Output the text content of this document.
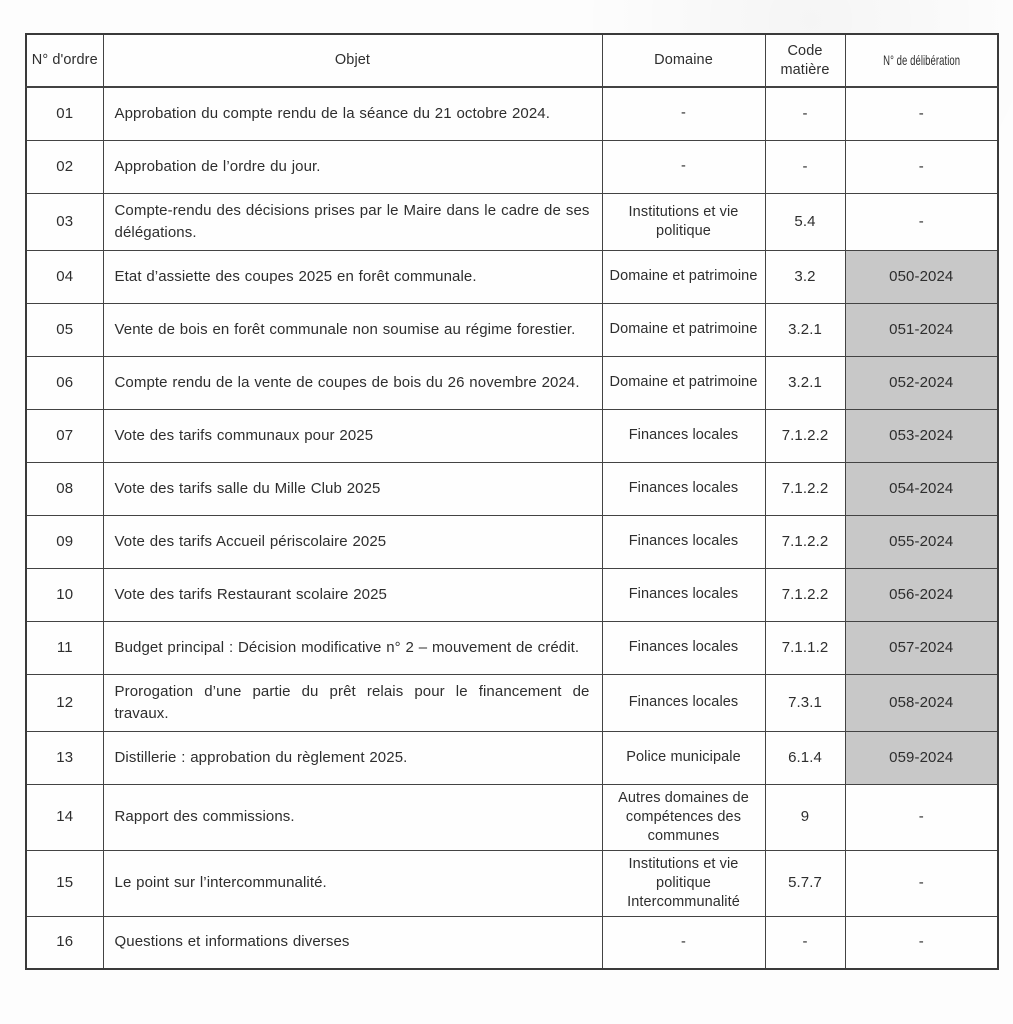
N° d'ordre	Objet	Domaine	Code matière	N° de délibération
01	Approbation du compte rendu de la séance du 21 octobre 2024.	-	-	-
02	Approbation de l’ordre du jour.	-	-	-
03	Compte-rendu des décisions prises par le Maire dans le cadre de ses délégations.	Institutions et vie politique	5.4	-
04	Etat d’assiette des coupes 2025 en forêt communale.	Domaine et patrimoine	3.2	050-2024
05	Vente de bois en forêt communale non soumise au régime forestier.	Domaine et patrimoine	3.2.1	051-2024
06	Compte rendu de la vente de coupes de bois du 26 novembre 2024.	Domaine et patrimoine	3.2.1	052-2024
07	Vote des tarifs communaux pour 2025	Finances locales	7.1.2.2	053-2024
08	Vote des tarifs salle du Mille Club 2025	Finances locales	7.1.2.2	054-2024
09	Vote des tarifs Accueil périscolaire 2025	Finances locales	7.1.2.2	055-2024
10	Vote des tarifs Restaurant scolaire 2025	Finances locales	7.1.2.2	056-2024
11	Budget principal : Décision modificative n° 2 – mouvement de crédit.	Finances locales	7.1.1.2	057-2024
12	Prorogation d’une partie du prêt relais pour le financement de travaux.	Finances locales	7.3.1	058-2024
13	Distillerie : approbation du règlement 2025.	Police municipale	6.1.4	059-2024
14	Rapport des commissions.	Autres domaines de compétences des communes	9	-
15	Le point sur l’intercommunalité.	Institutions et vie politique Intercommunalité	5.7.7	-
16	Questions et informations diverses	-	-	-
